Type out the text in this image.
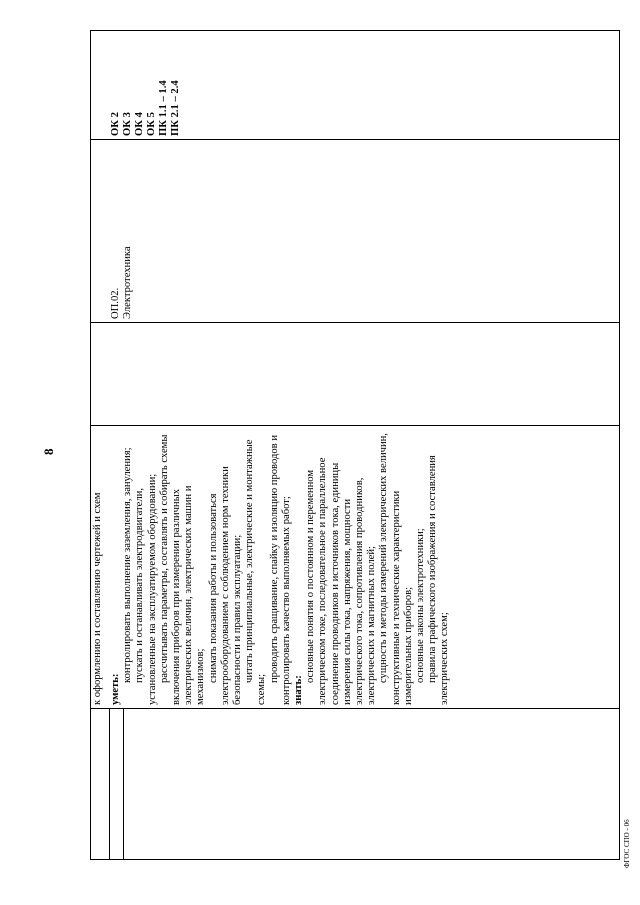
8
к оформлению и составлению чертежей и схем уметь:

контролировать выполнение заземления, зануления; пускать и останавливать электродвигатели, установленные на эксплуатируемом оборудовании; рассчитывать параметры, составлять и собирать схемы включения приборов при измерении различных электрических величин, электрических машин и механизмов; снимать показания работы и пользоваться электрооборудованием с соблюдением норм техники безопасности и правил эксплуатации; читать принципиальные, электрические и монтажные схемы;

проводить сращивание, спайку и изоляцию проводов и контролировать качество выполняемых работ; знать:

основные понятия о постоянном и переменном электрическом токе, последовательное и параллельное соединение проводников и источников тока, единицы измерения силы тока, напряжения, мощности электрического тока, сопротивления проводников, электрических и магнитных полей; сущность и методы измерений электрических величин, конструктивные и технические характеристики измерительных приборов; основные законы электротехники; правила графического изображения и составления электрических схем;

ОП.02. Электротехника

ОК 2 ОК 3 ОК 4 ОК 5 ПК 1.1 – 1.4 ПК 2.1 – 2.4
ФГОС СПО - 06
